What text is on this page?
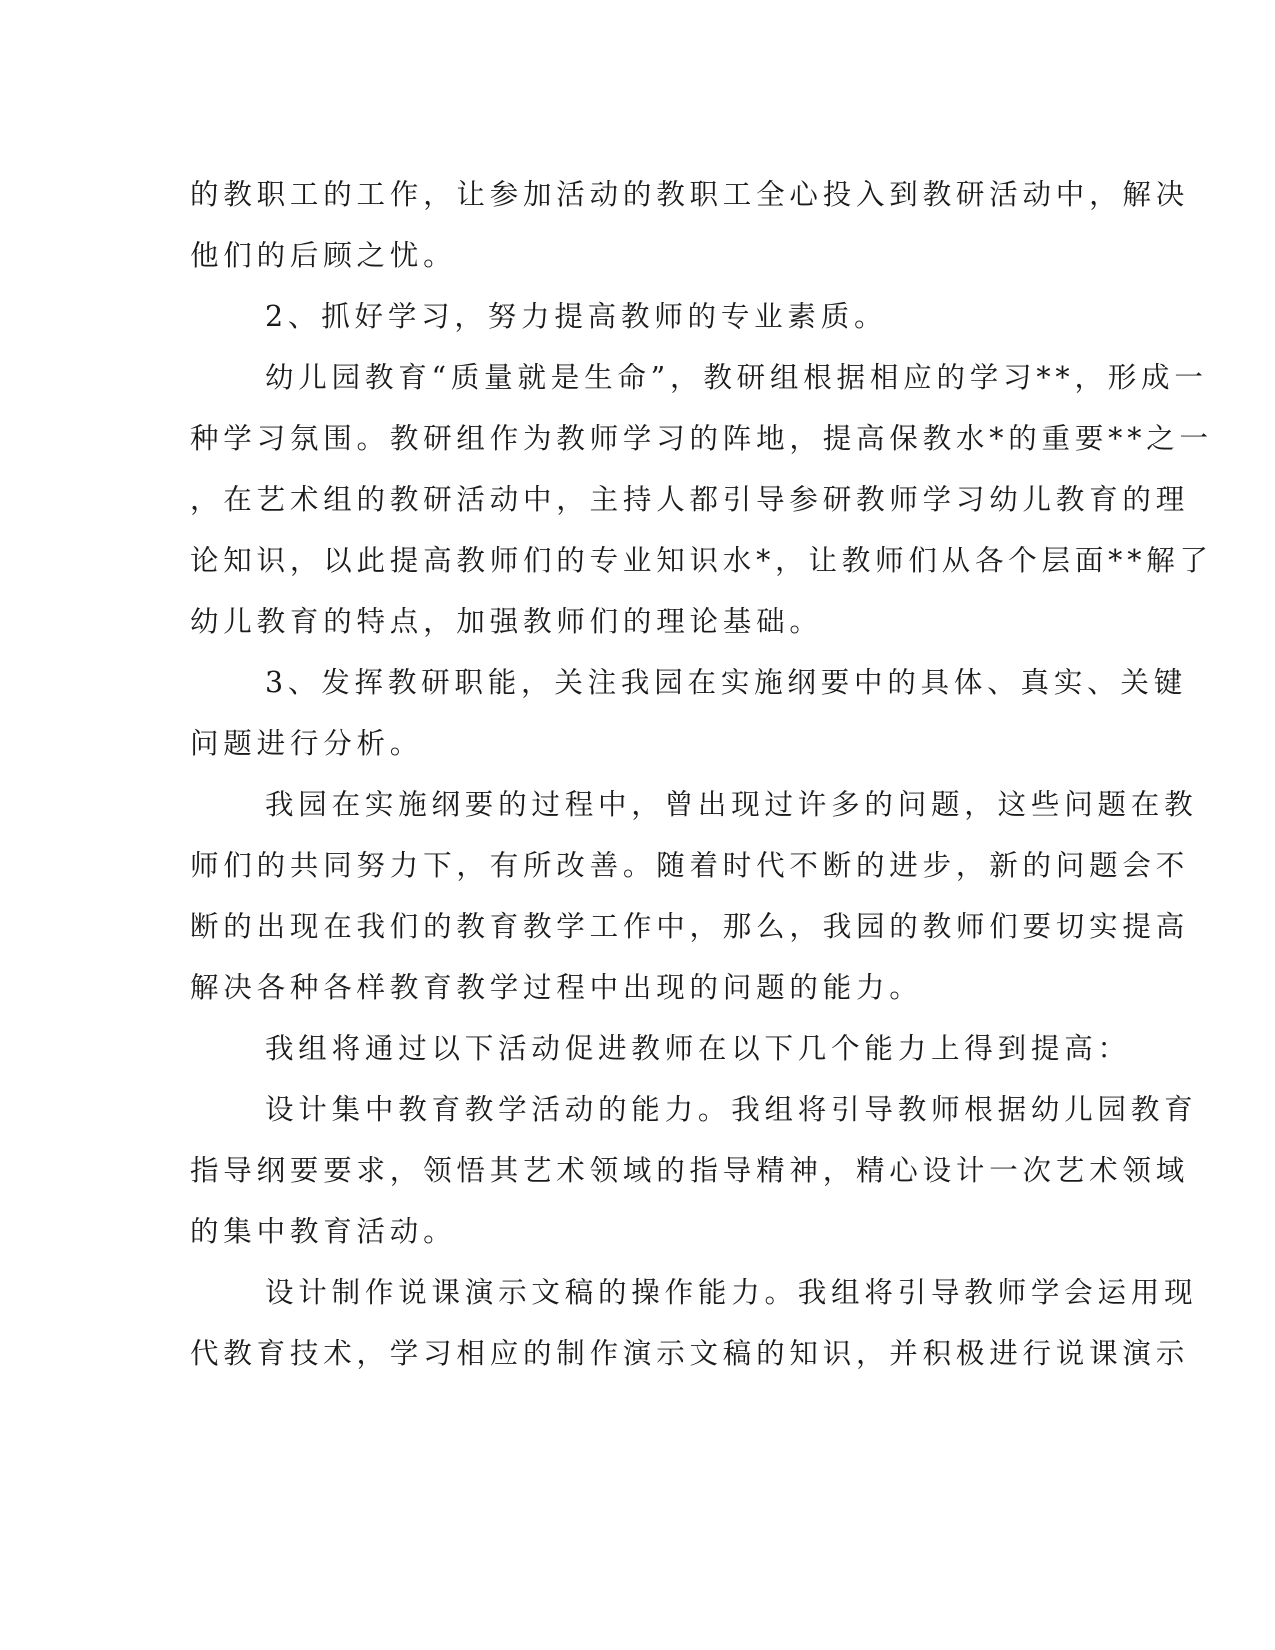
的教职工的工作，让参加活动的教职工全心投入到教研活动中，解决
他们的后顾之忧。
2、抓好学习，努力提高教师的专业素质。
幼儿园教育“质量就是生命”，教研组根据相应的学习**，形成一
种学习氛围。教研组作为教师学习的阵地，提高保教水*的重要**之一
，在艺术组的教研活动中，主持人都引导参研教师学习幼儿教育的理
论知识，以此提高教师们的专业知识水*，让教师们从各个层面**解了
幼儿教育的特点，加强教师们的理论基础。
3、发挥教研职能，关注我园在实施纲要中的具体、真实、关键
问题进行分析。
我园在实施纲要的过程中，曾出现过许多的问题，这些问题在教
师们的共同努力下，有所改善。随着时代不断的进步，新的问题会不
断的出现在我们的教育教学工作中，那么，我园的教师们要切实提高
解决各种各样教育教学过程中出现的问题的能力。
我组将通过以下活动促进教师在以下几个能力上得到提高：
设计集中教育教学活动的能力。我组将引导教师根据幼儿园教育
指导纲要要求，领悟其艺术领域的指导精神，精心设计一次艺术领域
的集中教育活动。
设计制作说课演示文稿的操作能力。我组将引导教师学会运用现
代教育技术，学习相应的制作演示文稿的知识，并积极进行说课演示
